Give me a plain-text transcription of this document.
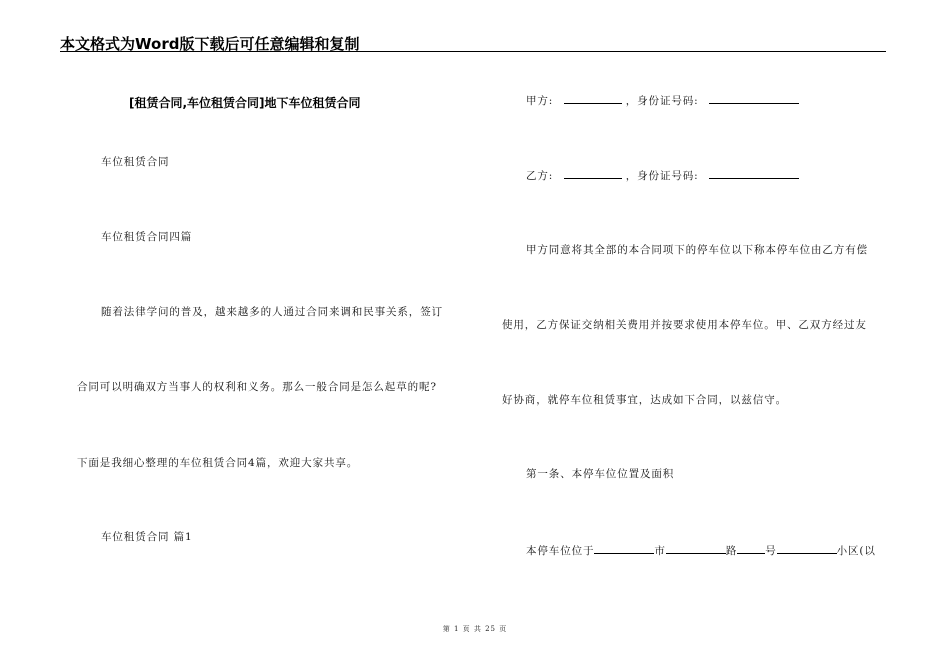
本文格式为Word版下载后可任意编辑和复制
[租赁合同,车位租赁合同]地下车位租赁合同
车位租赁合同
车位租赁合同四篇
随着法律学问的普及，越来越多的人通过合同来调和民事关系，签订
合同可以明确双方当事人的权利和义务。那么一般合同是怎么起草的呢?
下面是我细心整理的车位租赁合同4篇，欢迎大家共享。
车位租赁合同 篇1
甲方:	，身份证号码:
乙方:	，身份证号码:
甲方同意将其全部的本合同项下的停车位以下称本停车位由乙方有偿
使用，乙方保证交纳相关费用并按要求使用本停车位。甲、乙双方经过友
好协商，就停车位租赁事宜，达成如下合同，以兹信守。
第一条、本停车位位置及面积
本停车位位于	市	路	号	小区(以
第 1 页 共 25 页
